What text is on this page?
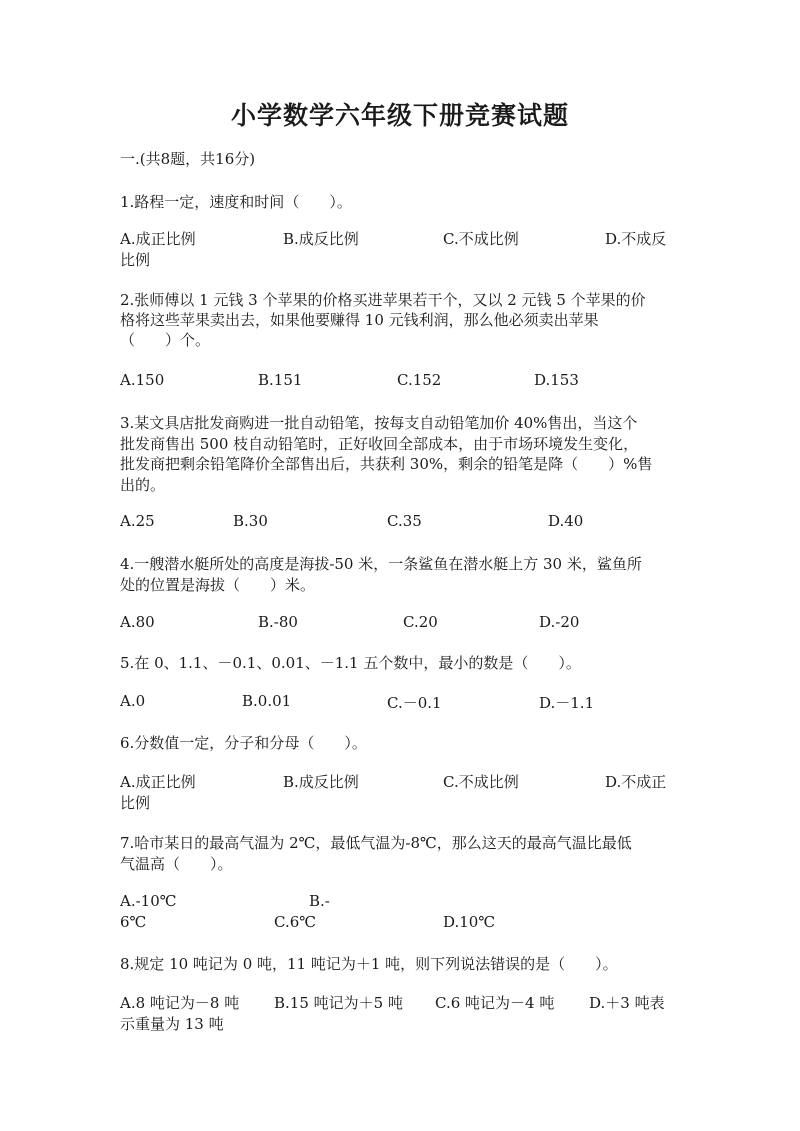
小学数学六年级下册竞赛试题
一.(共8题，共16分)
1.路程一定，速度和时间（　　）。
A.成正比例	B.成反比例	C.不成比例	D.不成反
比例
2.张师傅以 1 元钱 3 个苹果的价格买进苹果若干个，又以 2 元钱 5 个苹果的价
格将这些苹果卖出去，如果他要赚得 10 元钱利润，那么他必须卖出苹果
（　　）个。
A.150	B.151	C.152	D.153
3.某文具店批发商购进一批自动铅笔，按每支自动铅笔加价 40%售出，当这个
批发商售出 500 枝自动铅笔时，正好收回全部成本，由于市场环境发生变化，
批发商把剩余铅笔降价全部售出后，共获利 30%，剩余的铅笔是降（　　）%售
出的。
A.25	B.30	C.35	D.40
4.一艘潜水艇所处的高度是海拔-50 米，一条鲨鱼在潜水艇上方 30 米，鲨鱼所
处的位置是海拔（　　）米。
A.80	B.-80	C.20	D.-20
5.在 0、1.1、－0.1、0.01、－1.1 五个数中，最小的数是（　　）。
A.0	B.0.01	C.－0.1	D.－1.1
6.分数值一定，分子和分母（　　）。
A.成正比例	B.成反比例	C.不成比例	D.不成正
比例
7.哈市某日的最高气温为 2℃，最低气温为-8℃，那么这天的最高气温比最低
气温高（　　）。
A.-10℃	B.-
6℃	C.6℃	D.10℃
8.规定 10 吨记为 0 吨，11 吨记为＋1 吨，则下列说法错误的是（　　）。
A.8 吨记为－8 吨 B.15 吨记为＋5 吨 C.6 吨记为－4 吨 D.＋3 吨表
示重量为 13 吨
